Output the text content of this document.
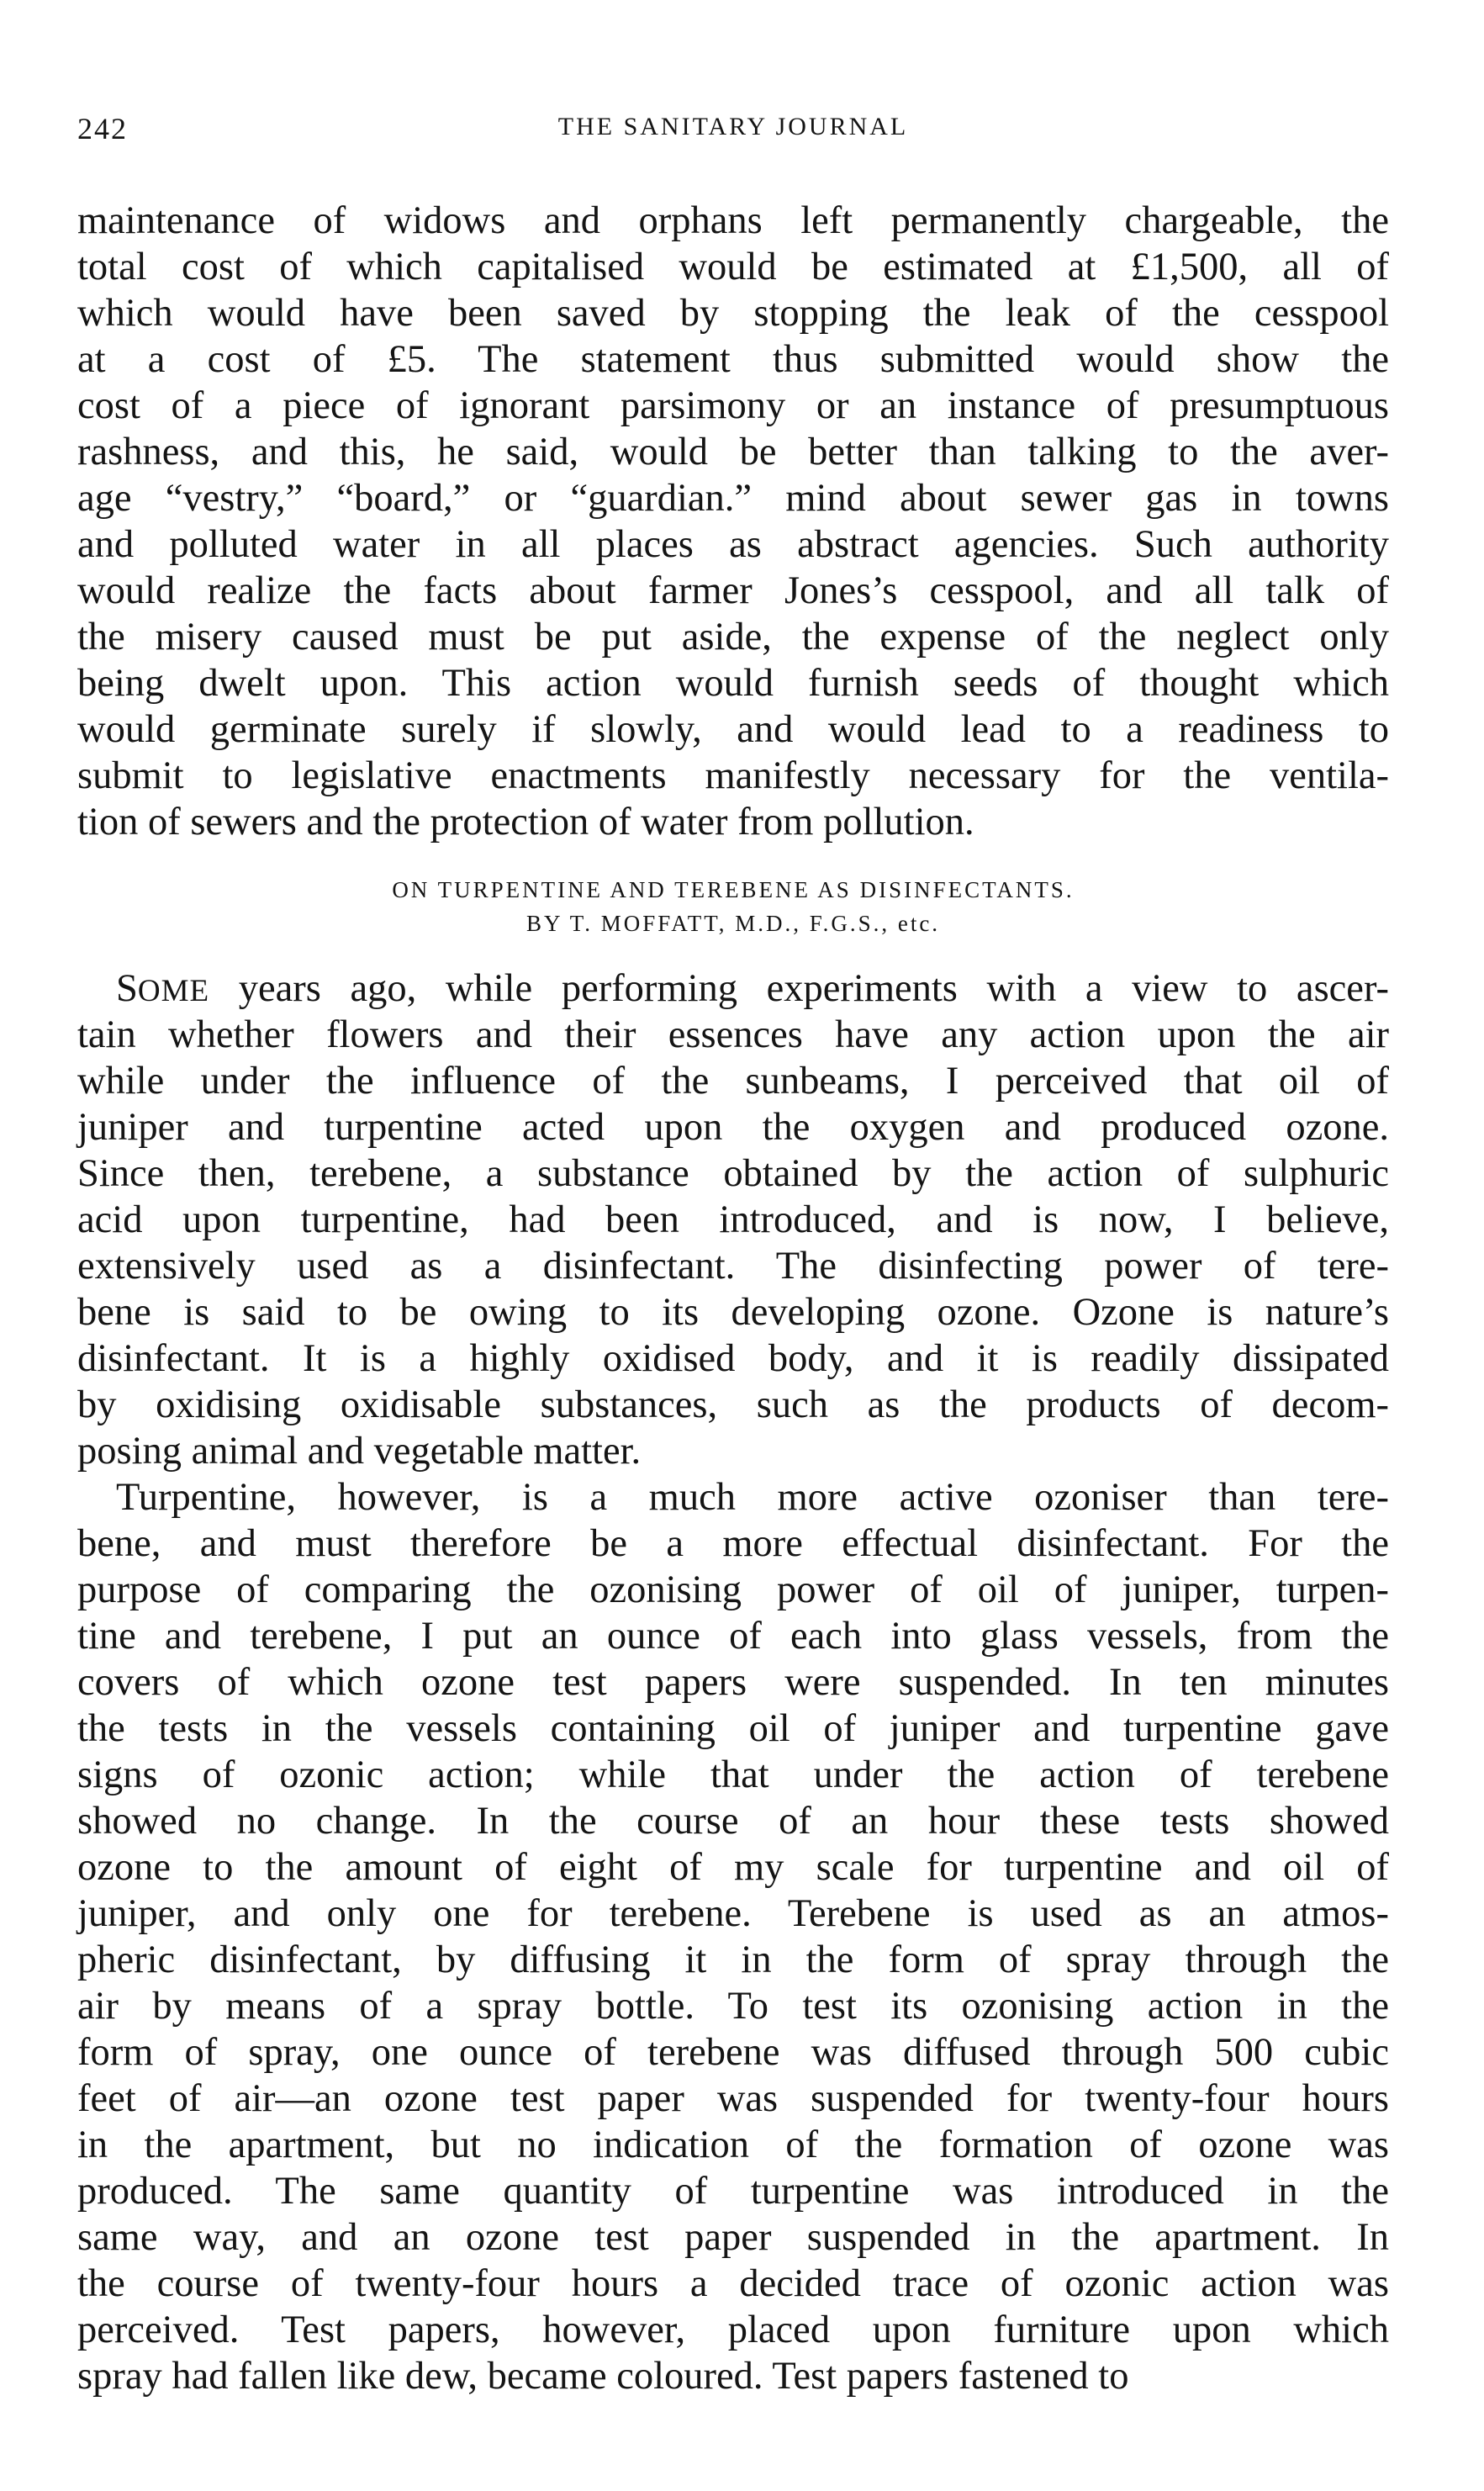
242	THE SANITARY JOURNAL
maintenance of widows and orphans left permanently chargeable, the
total cost of which capitalised would be estimated at £1,500, all of
which would have been saved by stopping the leak of the cesspool
at a cost of £5. The statement thus submitted would show the
cost of a piece of ignorant parsimony or an instance of presumptuous
rashness, and this, he said, would be better than talking to the aver-
age “vestry,” “board,” or “guardian.” mind about sewer gas in towns
and polluted water in all places as abstract agencies. Such authority
would realize the facts about farmer Jones’s cesspool, and all talk of
the misery caused must be put aside, the expense of the neglect only
being dwelt upon. This action would furnish seeds of thought which
would germinate surely if slowly, and would lead to a readiness to
submit to legislative enactments manifestly necessary for the ventila-
tion of sewers and the protection of water from pollution.
ON TURPENTINE AND TEREBENE AS DISINFECTANTS.
BY T. MOFFATT, M.D., F.G.S., etc.
SOME years ago, while performing experiments with a view to ascer-
tain whether flowers and their essences have any action upon the air
while under the influence of the sunbeams, I perceived that oil of
juniper and turpentine acted upon the oxygen and produced ozone.
Since then, terebene, a substance obtained by the action of sulphuric
acid upon turpentine, had been introduced, and is now, I believe,
extensively used as a disinfectant. The disinfecting power of tere-
bene is said to be owing to its developing ozone. Ozone is nature’s
disinfectant. It is a highly oxidised body, and it is readily dissipated
by oxidising oxidisable substances, such as the products of decom-
posing animal and vegetable matter.
Turpentine, however, is a much more active ozoniser than tere-
bene, and must therefore be a more effectual disinfectant. For the
purpose of comparing the ozonising power of oil of juniper, turpen-
tine and terebene, I put an ounce of each into glass vessels, from the
covers of which ozone test papers were suspended. In ten minutes
the tests in the vessels containing oil of juniper and turpentine gave
signs of ozonic action; while that under the action of terebene
showed no change. In the course of an hour these tests showed
ozone to the amount of eight of my scale for turpentine and oil of
juniper, and only one for terebene. Terebene is used as an atmos-
pheric disinfectant, by diffusing it in the form of spray through the
air by means of a spray bottle. To test its ozonising action in the
form of spray, one ounce of terebene was diffused through 500 cubic
feet of air—an ozone test paper was suspended for twenty-four hours
in the apartment, but no indication of the formation of ozone was
produced. The same quantity of turpentine was introduced in the
same way, and an ozone test paper suspended in the apartment. In
the course of twenty-four hours a decided trace of ozonic action was
perceived. Test papers, however, placed upon furniture upon which
spray had fallen like dew, became coloured. Test papers fastened to
